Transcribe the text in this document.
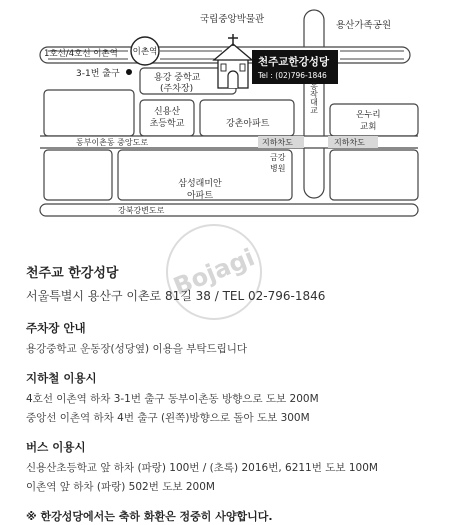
국립중앙박물관
용산가족공원
1호선/4호선 이촌역 이촌역
3-1번 출구	용강 중학교
(주차장)
천주교한강성당
Tel : (02)796-1846
신용산
초등학교	강촌아파트
동작대교
온누리
교회
동부이촌동 중앙도로	지하차도	지하차도
금강
병원
삼성래미안
아파트
강북강변도로
Bojagi
천주교 한강성당
서울특별시 용산구 이촌로 81길 38 / TEL 02-796-1846
주차장 안내
용강중학교 운동장(성당옆) 이용을 부탁드립니다
지하철 이용시
4호선 이촌역 하차 3-1번 출구 동부이촌동 방향으로 도보 200M
중앙선 이촌역 하차 4번 출구 (왼쪽)방향으로 돌아 도보 300M
버스 이용시
신용산초등학교 앞 하차 (파랑) 100번 / (초록) 2016번, 6211번 도보 100M
이촌역 앞 하차 (파랑) 502번 도보 200M
※ 한강성당에서는 축하 화환은 정중히 사양합니다.
